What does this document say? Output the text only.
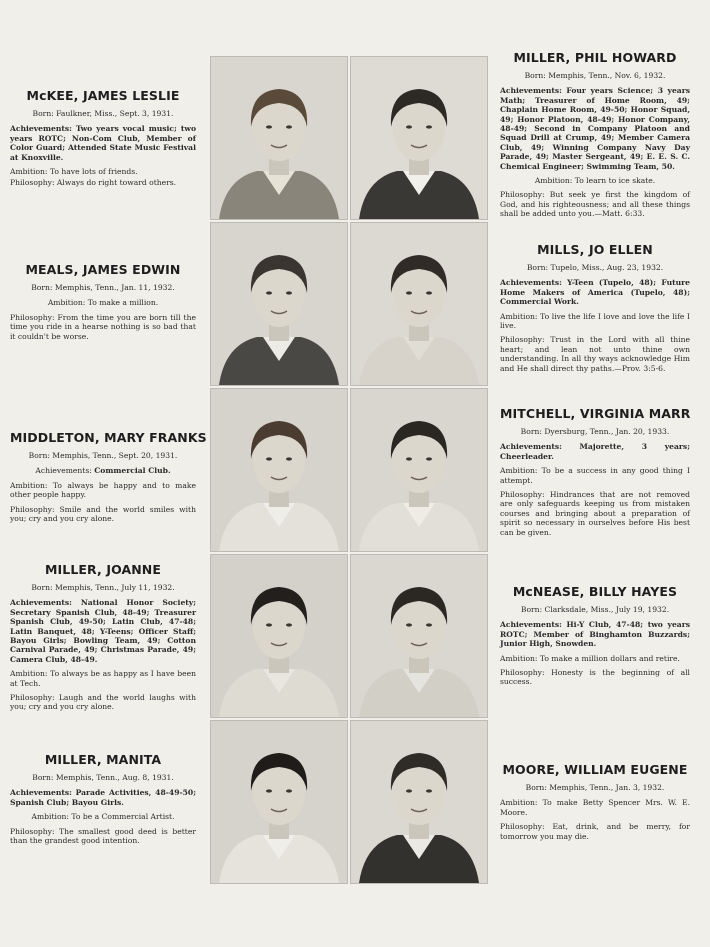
McKEE, JAMES LESLIE

Born: Faulkner, Miss., Sept. 3, 1931.

Achievements: Two years vocal music; two years ROTC; Non-Com Club, Member of Color Guard; Attended State Music Festival at Knoxville.

Ambition: To have lots of friends.

Philosophy: Always do right toward others.

MEALS, JAMES EDWIN

Born: Memphis, Tenn., Jan. 11, 1932.

Ambition: To make a million.

Philosophy: From the time you are born till the time you ride in a hearse nothing is so bad that it couldn't be worse.

MIDDLETON, MARY FRANKS

Born: Memphis, Tenn., Sept. 20, 1931.

Achievements: Commercial Club.

Ambition: To always be happy and to make other people happy.

Philosophy: Smile and the world smiles with you; cry and you cry alone.

MILLER, JOANNE

Born: Memphis, Tenn., July 11, 1932.

Achievements: National Honor Society; Secretary Spanish Club, 48-49; Treasurer Spanish Club, 49-50; Latin Club, 47-48; Latin Banquet, 48; Y-Teens; Officer Staff; Bayou Girls; Bowling Team, 49; Cotton Carnival Parade, 49; Christmas Parade, 49; Camera Club, 48-49.

Ambition: To always be as happy as I have been at Tech.

Philosophy: Laugh and the world laughs with you; cry and you cry alone.

MILLER, MANITA

Born: Memphis, Tenn., Aug. 8, 1931.

Achievements: Parade Activities, 48-49-50; Spanish Club; Bayou Girls.

Ambition: To be a Commercial Artist.

Philosophy: The smallest good deed is better than the grandest good intention.

MILLER, PHIL HOWARD

Born: Memphis, Tenn., Nov. 6, 1932.

Achievements: Four years Science; 3 years Math; Treasurer of Home Room, 49; Chaplain Home Room, 49-50; Honor Squad, 49; Honor Platoon, 48-49; Honor Company, 48-49; Second in Company Platoon and Squad Drill at Crump, 49; Member Camera Club, 49; Winning Company Navy Day Parade, 49; Master Sergeant, 49; E. E. S. C. Chemical Engineer; Swimming Team, 50.

Ambition: To learn to ice skate.

Philosophy: But seek ye first the kingdom of God, and his righteousness; and all these things shall be added unto you.—Matt. 6:33.

MILLS, JO ELLEN

Born: Tupelo, Miss., Aug. 23, 1932.

Achievements: Y-Teen (Tupelo, 48); Future Home Makers of America (Tupelo, 48); Commercial Work.

Ambition: To live the life I love and love the life I live.

Philosophy: Trust in the Lord with all thine heart; and lean not unto thine own understanding. In all thy ways acknowledge Him and He shall direct thy paths.—Prov. 3:5-6.

MITCHELL, VIRGINIA MARR

Born: Dyersburg, Tenn., Jan. 20, 1933.

Achievements: Majorette, 3 years; Cheerleader.

Ambition: To be a success in any good thing I attempt.

Philosophy: Hindrances that are not removed are only safeguards keeping us from mistaken courses and bringing about a preparation of spirit so necessary in ourselves before His best can be given.

McNEASE, BILLY HAYES

Born: Clarksdale, Miss., July 19, 1932.

Achievements: Hi-Y Club, 47-48; two years ROTC; Member of Binghamton Buzzards; Junior High, Snowden.

Ambition: To make a million dollars and retire.

Philosophy: Honesty is the beginning of all success.

MOORE, WILLIAM EUGENE

Born: Memphis, Tenn., Jan. 3, 1932.

Ambition: To make Betty Spencer Mrs. W. E. Moore.

Philosophy: Eat, drink, and be merry, for tomorrow you may die.
